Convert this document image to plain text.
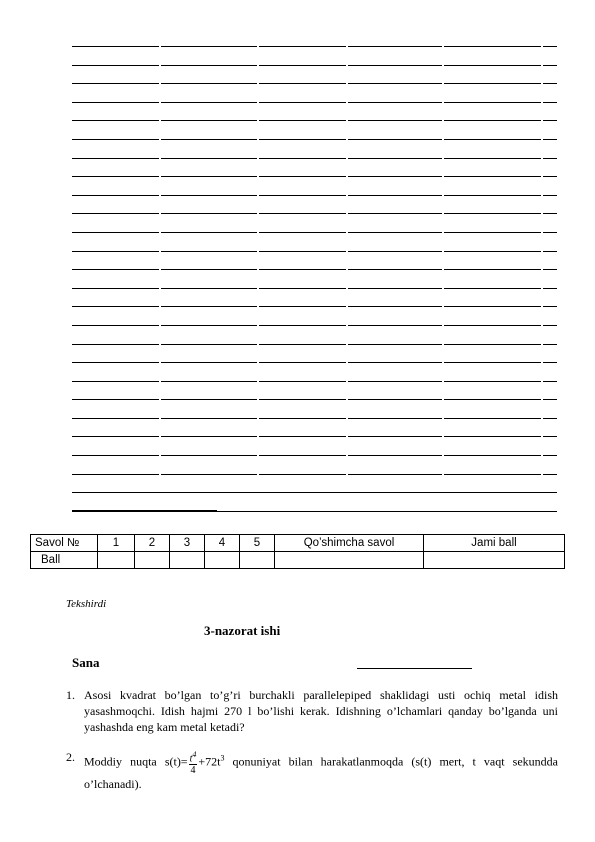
Savol №	1	2	3	4	5	Qo’shimcha savol	Jami ball
Ball							
Tekshirdi
3-nazorat ishi
Sana
1. Asosi kvadrat bo’lgan to’g’ri burchakli parallelepiped shaklidagi usti ochiq metal idish yasashmoqchi. Idish hajmi 270 l bo’lishi kerak. Idishning o’lchamlari qanday bo’lganda uni yashashda eng kam metal ketadi?
2. Moddiy nuqta $s(t)= \frac{t^4}{4} +72t^3$ qonuniyat bilan harakatlanmoqda (s(t) mert, t vaqt sekundda o’lchanadi).
